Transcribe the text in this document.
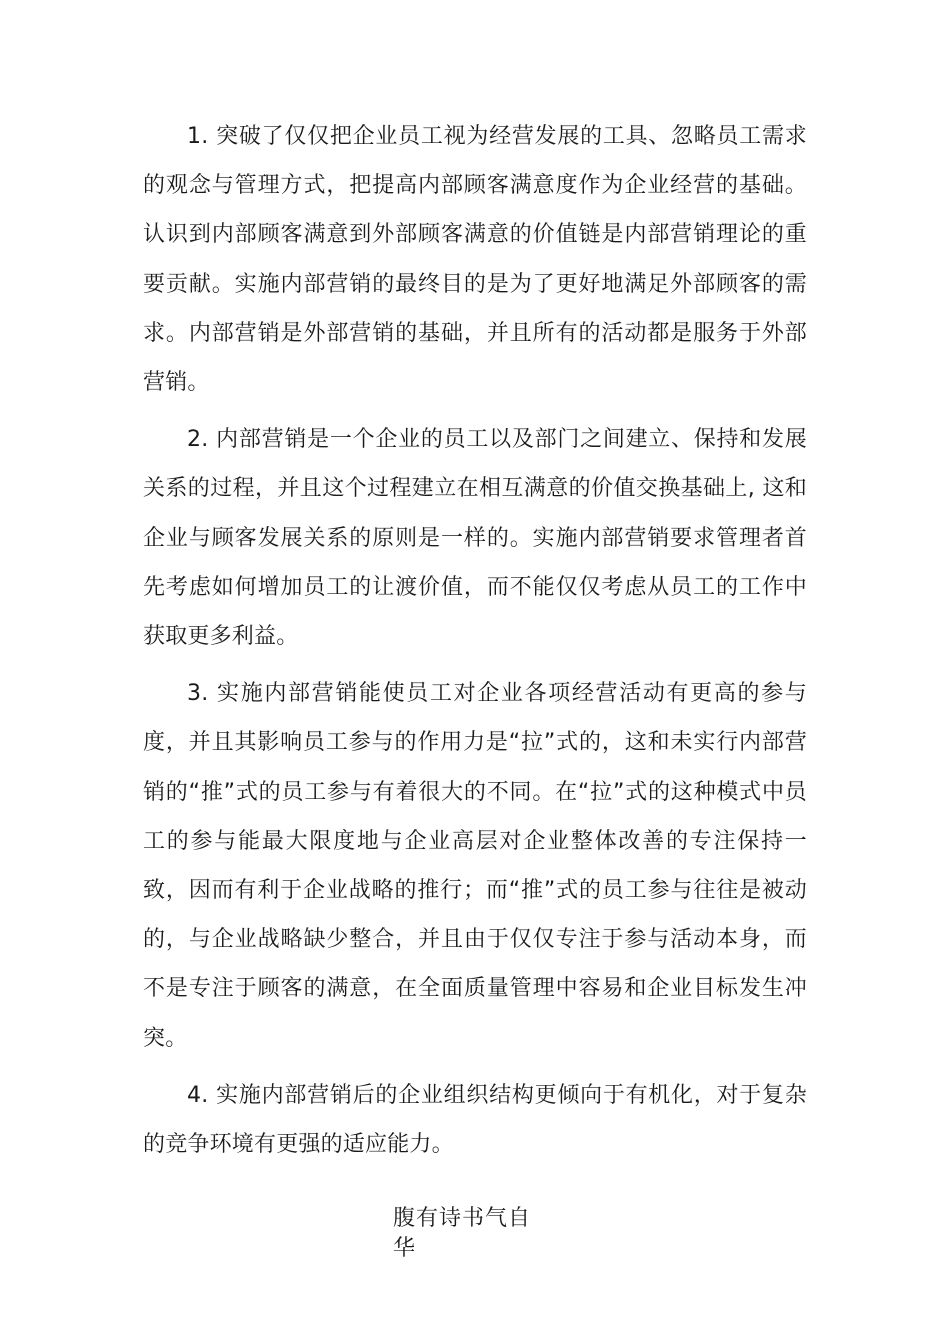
1. 突破了仅仅把企业员工视为经营发展的工具、忽略员工需求的观念与管理方式，把提高内部顾客满意度作为企业经营的基础。认识到内部顾客满意到外部顾客满意的价值链是内部营销理论的重要贡献。实施内部营销的最终目的是为了更好地满足外部顾客的需求。内部营销是外部营销的基础，并且所有的活动都是服务于外部营销。

2. 内部营销是一个企业的员工以及部门之间建立、保持和发展关系的过程，并且这个过程建立在相互满意的价值交换基础上, 这和企业与顾客发展关系的原则是一样的。实施内部营销要求管理者首先考虑如何增加员工的让渡价值，而不能仅仅考虑从员工的工作中获取更多利益。

3. 实施内部营销能使员工对企业各项经营活动有更高的参与度，并且其影响员工参与的作用力是“拉”式的，这和未实行内部营销的“推”式的员工参与有着很大的不同。在“拉”式的这种模式中员工的参与能最大限度地与企业高层对企业整体改善的专注保持一致，因而有利于企业战略的推行；而“推”式的员工参与往往是被动的，与企业战略缺少整合，并且由于仅仅专注于参与活动本身，而不是专注于顾客的满意，在全面质量管理中容易和企业目标发生冲突。

4. 实施内部营销后的企业组织结构更倾向于有机化，对于复杂的竞争环境有更强的适应能力。

腹有诗书气自华
